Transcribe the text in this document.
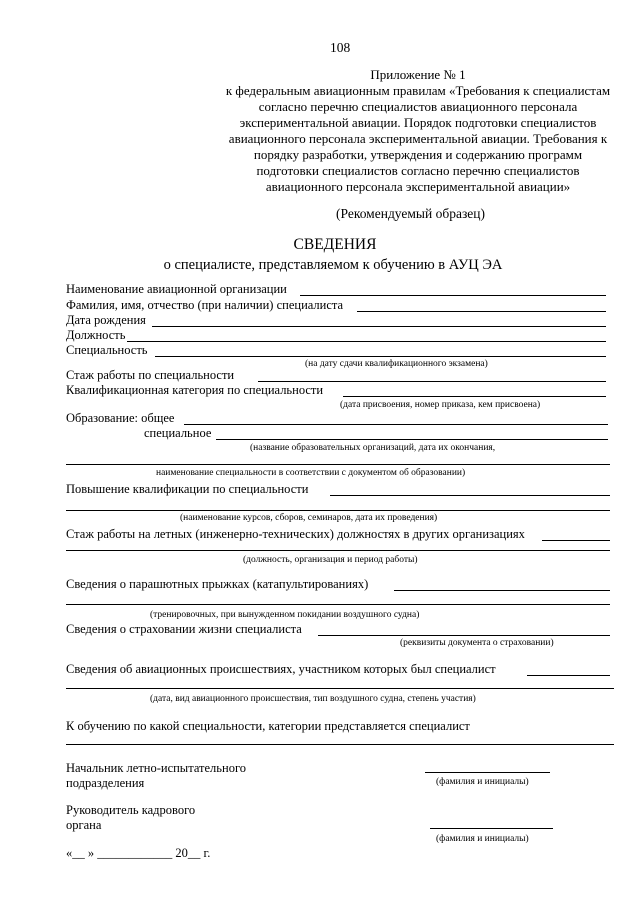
108
Приложение № 1
к федеральным авиационным правилам «Требования к специалистам
согласно перечню специалистов авиационного персонала
экспериментальной авиации. Порядок подготовки специалистов
авиационного персонала экспериментальной авиации. Требования к
порядку разработки, утверждения и содержанию программ
подготовки специалистов согласно перечню специалистов
авиационного персонала экспериментальной авиации»
(Рекомендуемый образец)
СВЕДЕНИЯ
о специалисте, представляемом к обучению в АУЦ ЭА
Наименование авиационной организации
Фамилия, имя, отчество (при наличии) специалиста
Дата рождения
Должность
Специальность
(на дату сдачи квалификационного экзамена)
Стаж работы по специальности
Квалификационная категория по специальности
(дата присвоения, номер приказа, кем присвоена)
Образование: общее
специальное
(название образовательных организаций, дата их окончания,
наименование специальности в соответствии с документом об образовании)
Повышение квалификации по специальности
(наименование курсов, сборов, семинаров, дата их проведения)
Стаж работы на летных (инженерно-технических) должностях в других организациях
(должность, организация и период работы)
Сведения о парашютных прыжках (катапультированиях)
(тренировочных, при вынужденном покидании воздушного судна)
Сведения о страховании жизни специалиста
(реквизиты документа о страховании)
Сведения об авиационных происшествиях, участником которых был специалист
(дата, вид авиационного происшествия, тип воздушного судна, степень участия)
К обучению по какой специальности, категории представляется специалист
Начальник летно-испытательного
подразделения	(фамилия и инициалы)
Руководитель кадрового
органа
(фамилия и инициалы)
«__ » ____________ 20__ г.
